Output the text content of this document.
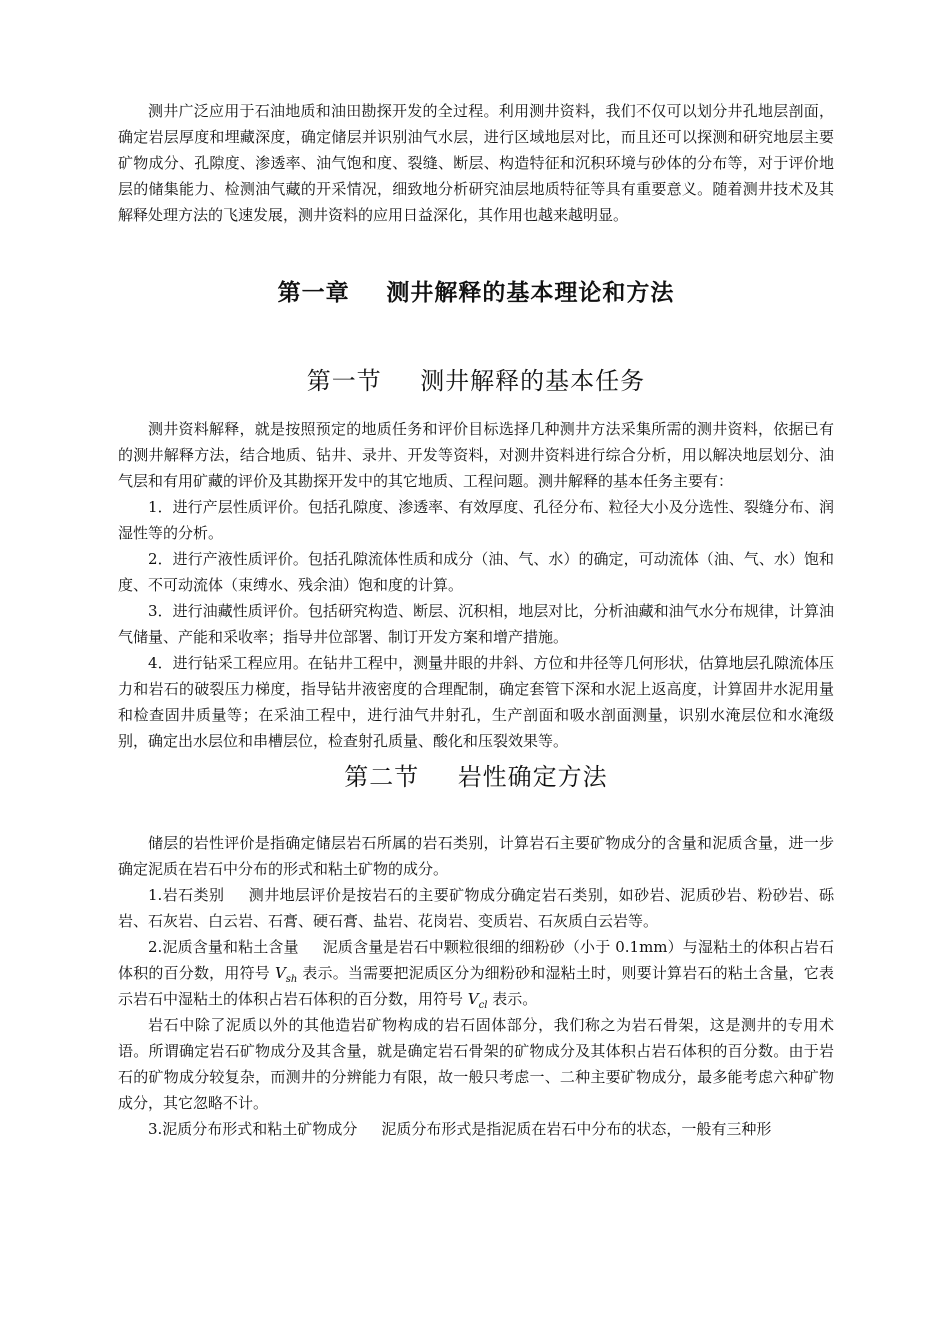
测井广泛应用于石油地质和油田勘探开发的全过程。利用测井资料，我们不仅可以划分井孔地层剖面，确定岩层厚度和埋藏深度，确定储层并识别油气水层，进行区域地层对比，而且还可以探测和研究地层主要矿物成分、孔隙度、渗透率、油气饱和度、裂缝、断层、构造特征和沉积环境与砂体的分布等，对于评价地层的储集能力、检测油气藏的开采情况，细致地分析研究油层地质特征等具有重要意义。随着测井技术及其解释处理方法的飞速发展，测井资料的应用日益深化，其作用也越来越明显。

第一章 测井解释的基本理论和方法
第一节 测井解释的基本任务

测井资料解释，就是按照预定的地质任务和评价目标选择几种测井方法采集所需的测井资料，依据已有的测井解释方法，结合地质、钻井、录井、开发等资料，对测井资料进行综合分析，用以解决地层划分、油气层和有用矿藏的评价及其勘探开发中的其它地质、工程问题。测井解释的基本任务主要有：

1．进行产层性质评价。包括孔隙度、渗透率、有效厚度、孔径分布、粒径大小及分选性、裂缝分布、润湿性等的分析。

2．进行产液性质评价。包括孔隙流体性质和成分（油、气、水）的确定，可动流体（油、气、水）饱和度、不可动流体（束缚水、残余油）饱和度的计算。

3．进行油藏性质评价。包括研究构造、断层、沉积相，地层对比，分析油藏和油气水分布规律，计算油气储量、产能和采收率；指导井位部署、制订开发方案和增产措施。

4．进行钻采工程应用。在钻井工程中，测量井眼的井斜、方位和井径等几何形状，估算地层孔隙流体压力和岩石的破裂压力梯度，指导钻井液密度的合理配制，确定套管下深和水泥上返高度，计算固井水泥用量和检查固井质量等；在采油工程中，进行油气井射孔，生产剖面和吸水剖面测量，识别水淹层位和水淹级别，确定出水层位和串槽层位，检查射孔质量、酸化和压裂效果等。

第二节 岩性确定方法

储层的岩性评价是指确定储层岩石所属的岩石类别，计算岩石主要矿物成分的含量和泥质含量，进一步确定泥质在岩石中分布的形式和粘土矿物的成分。

1.岩石类别 测井地层评价是按岩石的主要矿物成分确定岩石类别，如砂岩、泥质砂岩、粉砂岩、砾岩、石灰岩、白云岩、石膏、硬石膏、盐岩、花岗岩、变质岩、石灰质白云岩等。

2.泥质含量和粘土含量 泥质含量是岩石中颗粒很细的细粉砂（小于 0.1mm）与湿粘土的体积占岩石体积的百分数，用符号 $V_{sh}$ 表示。当需要把泥质区分为细粉砂和湿粘土时，则要计算岩石的粘土含量，它表示岩石中湿粘土的体积占岩石体积的百分数，用符号 $V_{cl}$ 表示。

岩石中除了泥质以外的其他造岩矿物构成的岩石固体部分，我们称之为岩石骨架，这是测井的专用术语。所谓确定岩石矿物成分及其含量，就是确定岩石骨架的矿物成分及其体积占岩石体积的百分数。由于岩石的矿物成分较复杂，而测井的分辨能力有限，故一般只考虑一、二种主要矿物成分，最多能考虑六种矿物成分，其它忽略不计。

3.泥质分布形式和粘土矿物成分 泥质分布形式是指泥质在岩石中分布的状态，一般有三种形
